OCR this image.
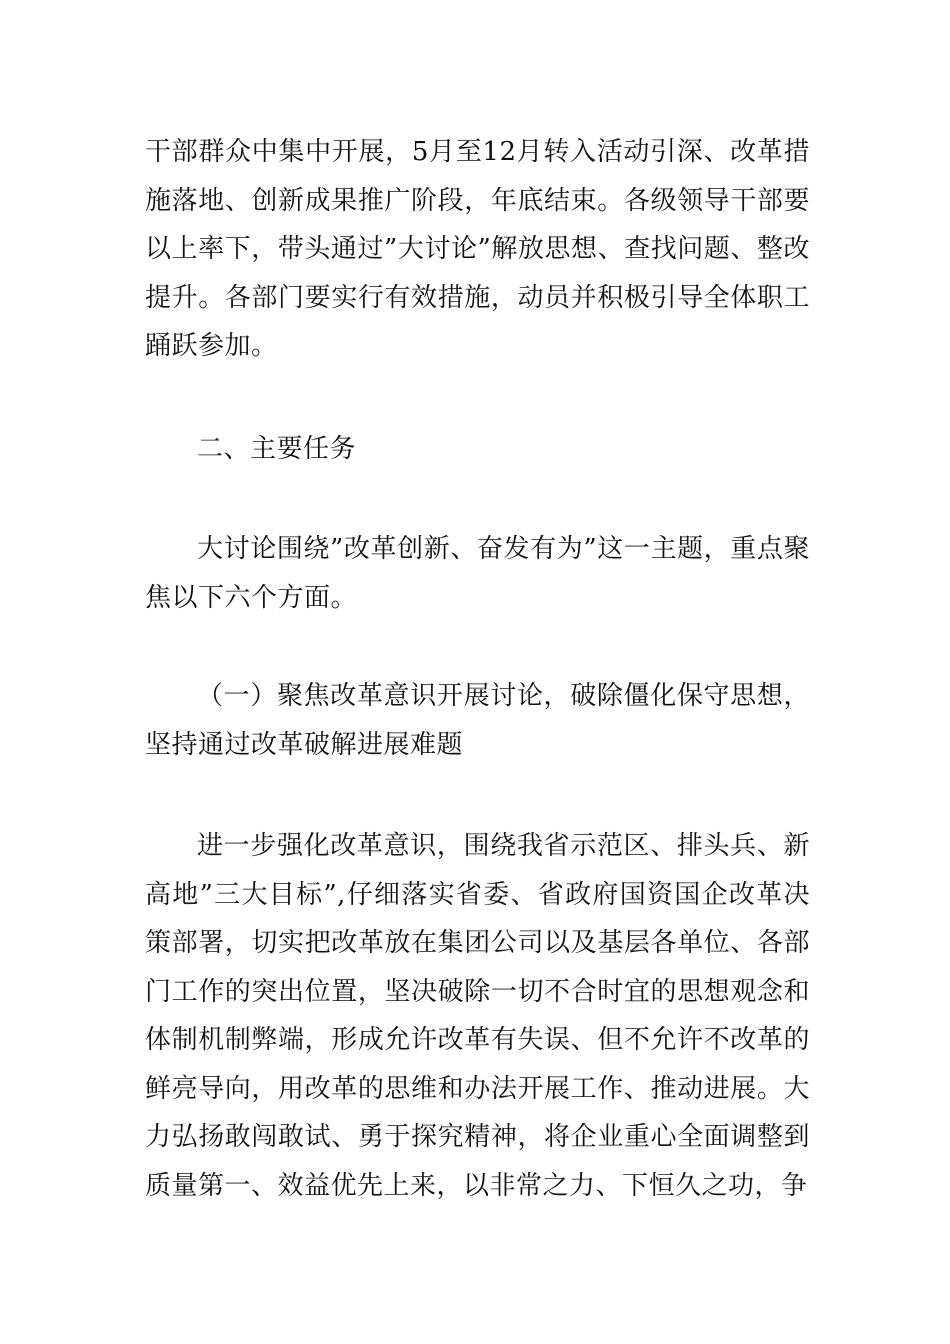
干部群众中集中开展，5月至12月转入活动引深、改革措施落地、创新成果推广阶段，年底结束。各级领导干部要以上率下，带头通过”大讨论”解放思想、查找问题、整改提升。各部门要实行有效措施，动员并积极引导全体职工踊跃参加。
二、主要任务
大讨论围绕”改革创新、奋发有为”这一主题，重点聚焦以下六个方面。
（一）聚焦改革意识开展讨论，破除僵化保守思想，坚持通过改革破解进展难题
进一步强化改革意识，围绕我省示范区、排头兵、新高地”三大目标”,仔细落实省委、省政府国资国企改革决策部署，切实把改革放在集团公司以及基层各单位、各部门工作的突出位置，坚决破除一切不合时宜的思想观念和体制机制弊端，形成允许改革有失误、但不允许不改革的鲜亮导向，用改革的思维和办法开展工作、推动进展。大力弘扬敢闯敢试、勇于探究精神，将企业重心全面调整到质量第一、效益优先上来，以非常之力、下恒久之功，争
